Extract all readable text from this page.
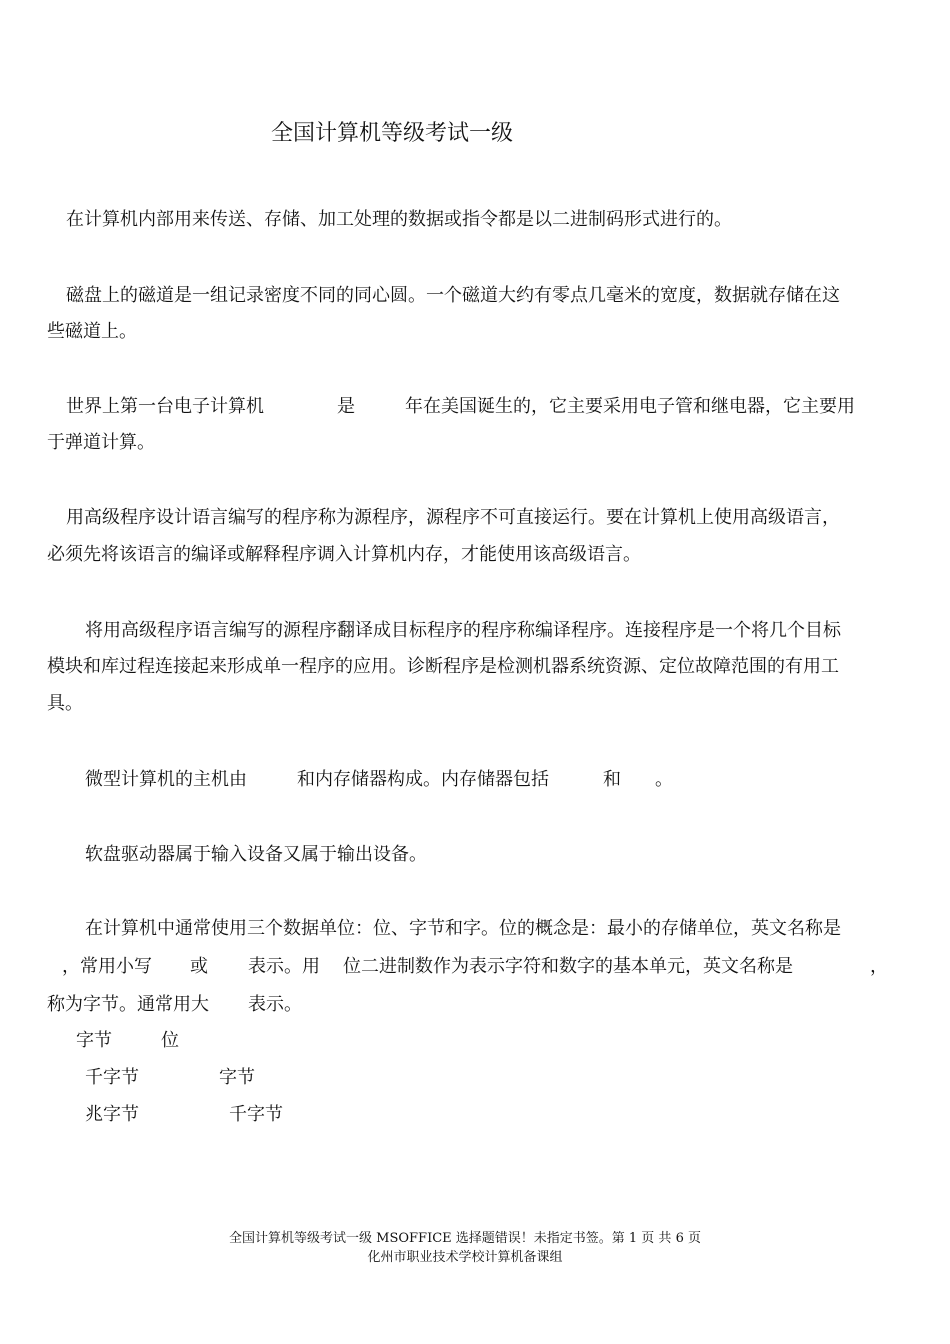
全国计算机等级考试一级
在计算机内部用来传送、存储、加工处理的数据或指令都是以二进制码形式进行的。
磁盘上的磁道是一组记录密度不同的同心圆。一个磁道大约有零点几毫米的宽度，数据就存储在这
些磁道上。
世界上第一台电子计算机	是	年在美国诞生的，它主要采用电子管和继电器，它主要用
于弹道计算。
用高级程序设计语言编写的程序称为源程序，源程序不可直接运行。要在计算机上使用高级语言，
必须先将该语言的编译或解释程序调入计算机内存，才能使用该高级语言。
将用高级程序语言编写的源程序翻译成目标程序的程序称编译程序。连接程序是一个将几个目标
模块和库过程连接起来形成单一程序的应用。诊断程序是检测机器系统资源、定位故障范围的有用工
具。
微型计算机的主机由	和内存储器构成。内存储器包括	和 。
软盘驱动器属于输入设备又属于输出设备。
在计算机中通常使用三个数据单位：位、字节和字。位的概念是：最小的存储单位，英文名称是
，常用小写 或 表示。用 位二进制数作为表示字符和数字的基本单元，英文名称是	，
称为字节。通常用大 表示。
字节	位
千字节	字节
兆字节	千字节
全国计算机等级考试一级 MSOFFICE 选择题错误！未指定书签。第 1 页 共 6 页
化州市职业技术学校计算机备课组
